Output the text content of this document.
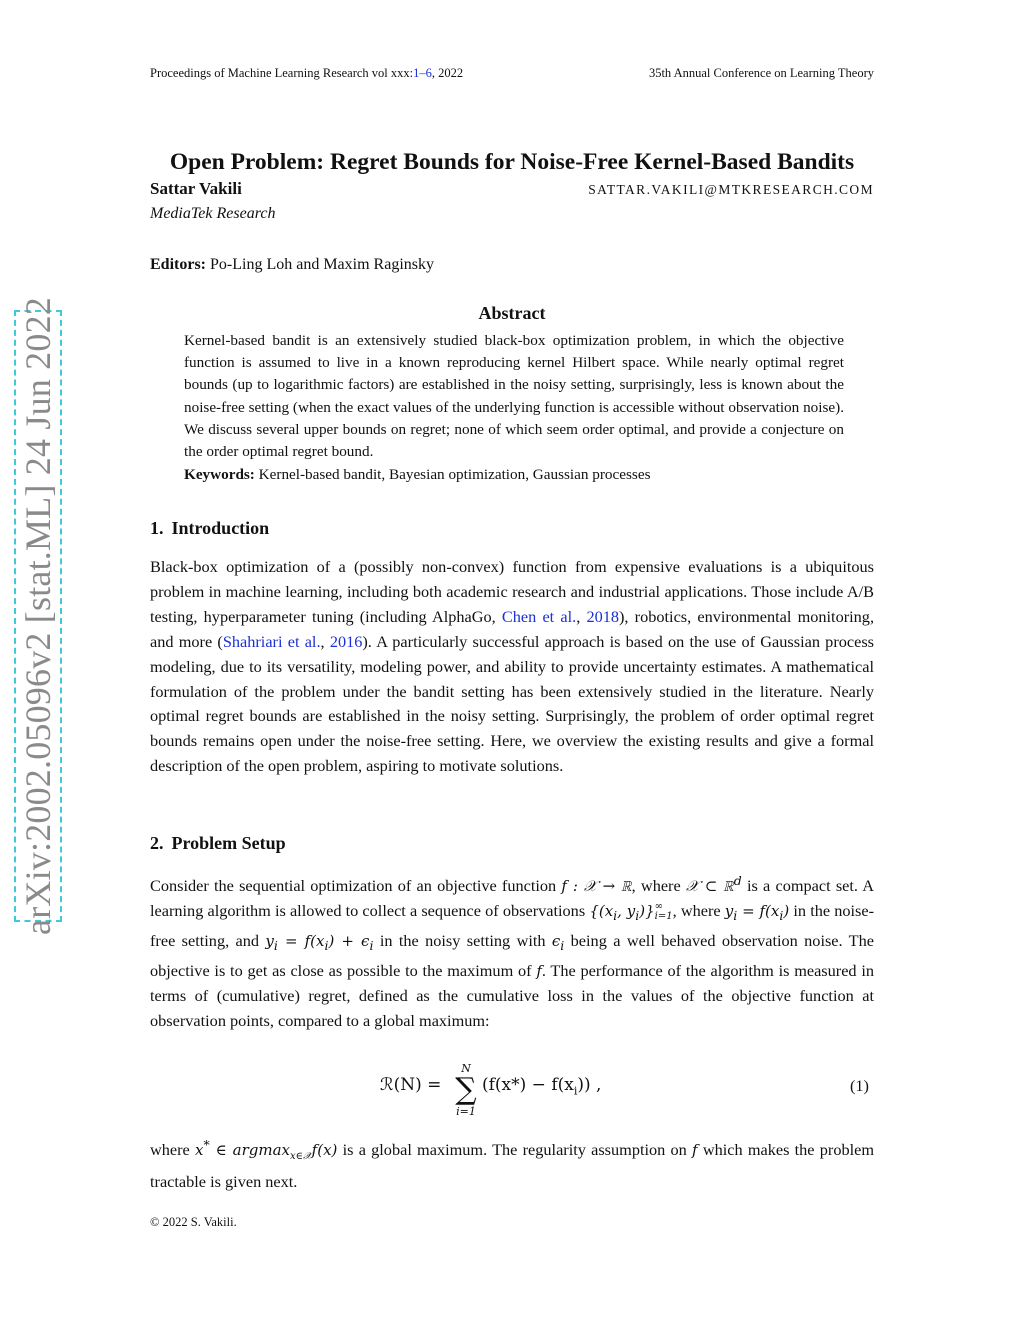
Proceedings of Machine Learning Research vol xxx:1–6, 2022	35th Annual Conference on Learning Theory
arXiv:2002.05096v2 [stat.ML] 24 Jun 2022
Open Problem: Regret Bounds for Noise-Free Kernel-Based Bandits
Sattar Vakili	SATTAR.VAKILI@MTKRESEARCH.COM
MediaTek Research
Editors: Po-Ling Loh and Maxim Raginsky
Abstract
Kernel-based bandit is an extensively studied black-box optimization problem, in which the objective function is assumed to live in a known reproducing kernel Hilbert space. While nearly optimal regret bounds (up to logarithmic factors) are established in the noisy setting, surprisingly, less is known about the noise-free setting (when the exact values of the underlying function is accessible without observation noise). We discuss several upper bounds on regret; none of which seem order optimal, and provide a conjecture on the order optimal regret bound.
Keywords: Kernel-based bandit, Bayesian optimization, Gaussian processes
1. Introduction
Black-box optimization of a (possibly non-convex) function from expensive evaluations is a ubiquitous problem in machine learning, including both academic research and industrial applications. Those include A/B testing, hyperparameter tuning (including AlphaGo, Chen et al., 2018), robotics, environmental monitoring, and more (Shahriari et al., 2016). A particularly successful approach is based on the use of Gaussian process modeling, due to its versatility, modeling power, and ability to provide uncertainty estimates. A mathematical formulation of the problem under the bandit setting has been extensively studied in the literature. Nearly optimal regret bounds are established in the noisy setting. Surprisingly, the problem of order optimal regret bounds remains open under the noise-free setting. Here, we overview the existing results and give a formal description of the open problem, aspiring to motivate solutions.
2. Problem Setup
Consider the sequential optimization of an objective function f : 𝒳 → ℝ, where 𝒳 ⊂ ℝ$^d$ is a compact set. A learning algorithm is allowed to collect a sequence of observations {($x_i$, $y_i$)} ∞
i=1 , where $y_i = f(x_i)$ in the noise-free setting, and $y_i = f(x_i) + \epsilon_i$ in the noisy setting with $\epsilon_i$ being a well behaved observation noise. The objective is to get as close as possible to the maximum of f. The performance of the algorithm is measured in terms of (cumulative) regret, defined as the cumulative loss in the values of the objective function at observation points, compared to a global maximum:
ℛ(N) =
N
∑
i=1
$(f(x*) - f(x_i))$ ,	(1)
where x* ∈ argmax$_{x\in 𝒳}$f(x) is a global maximum. The regularity assumption on f which makes the problem tractable is given next.
© 2022 S. Vakili.
